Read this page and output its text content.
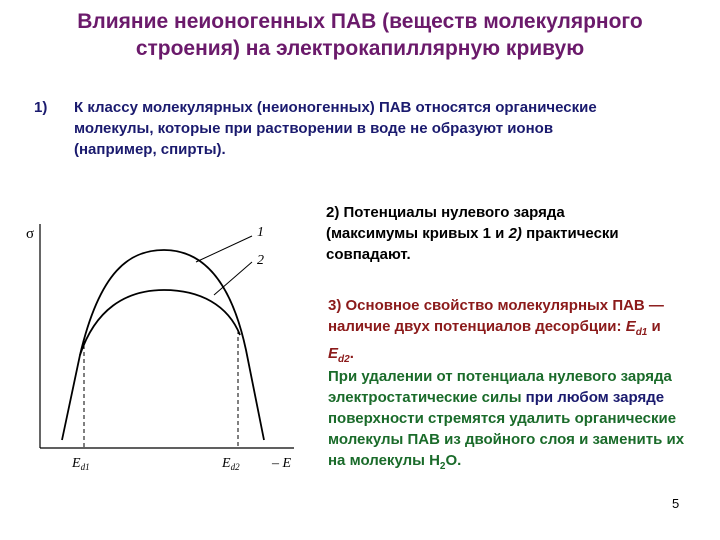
Влияние неионогенных ПАВ (веществ молекулярного строения) на электрокапиллярную кривую
1) К классу молекулярных (неионогенных) ПАВ относятся органические молекулы, которые при растворении в воде не образуют ионов (например, спирты).
σ	1
2
$E_{d1}$	$E_{d2}$ – E
2) Потенциалы нулевого заряда (максимумы кривых 1 и 2) практически совпадают.
3) Основное свойство молекулярных ПАВ — наличие двух потенциалов десорбции: $E_{d1}$ и $E_{d2}$.
При удалении от потенциала нулевого заряда электростатические силы при любом заряде поверхности стремятся удалить органические молекулы ПАВ из двойного слоя и заменить их на молекулы $Н_2О$.
5
